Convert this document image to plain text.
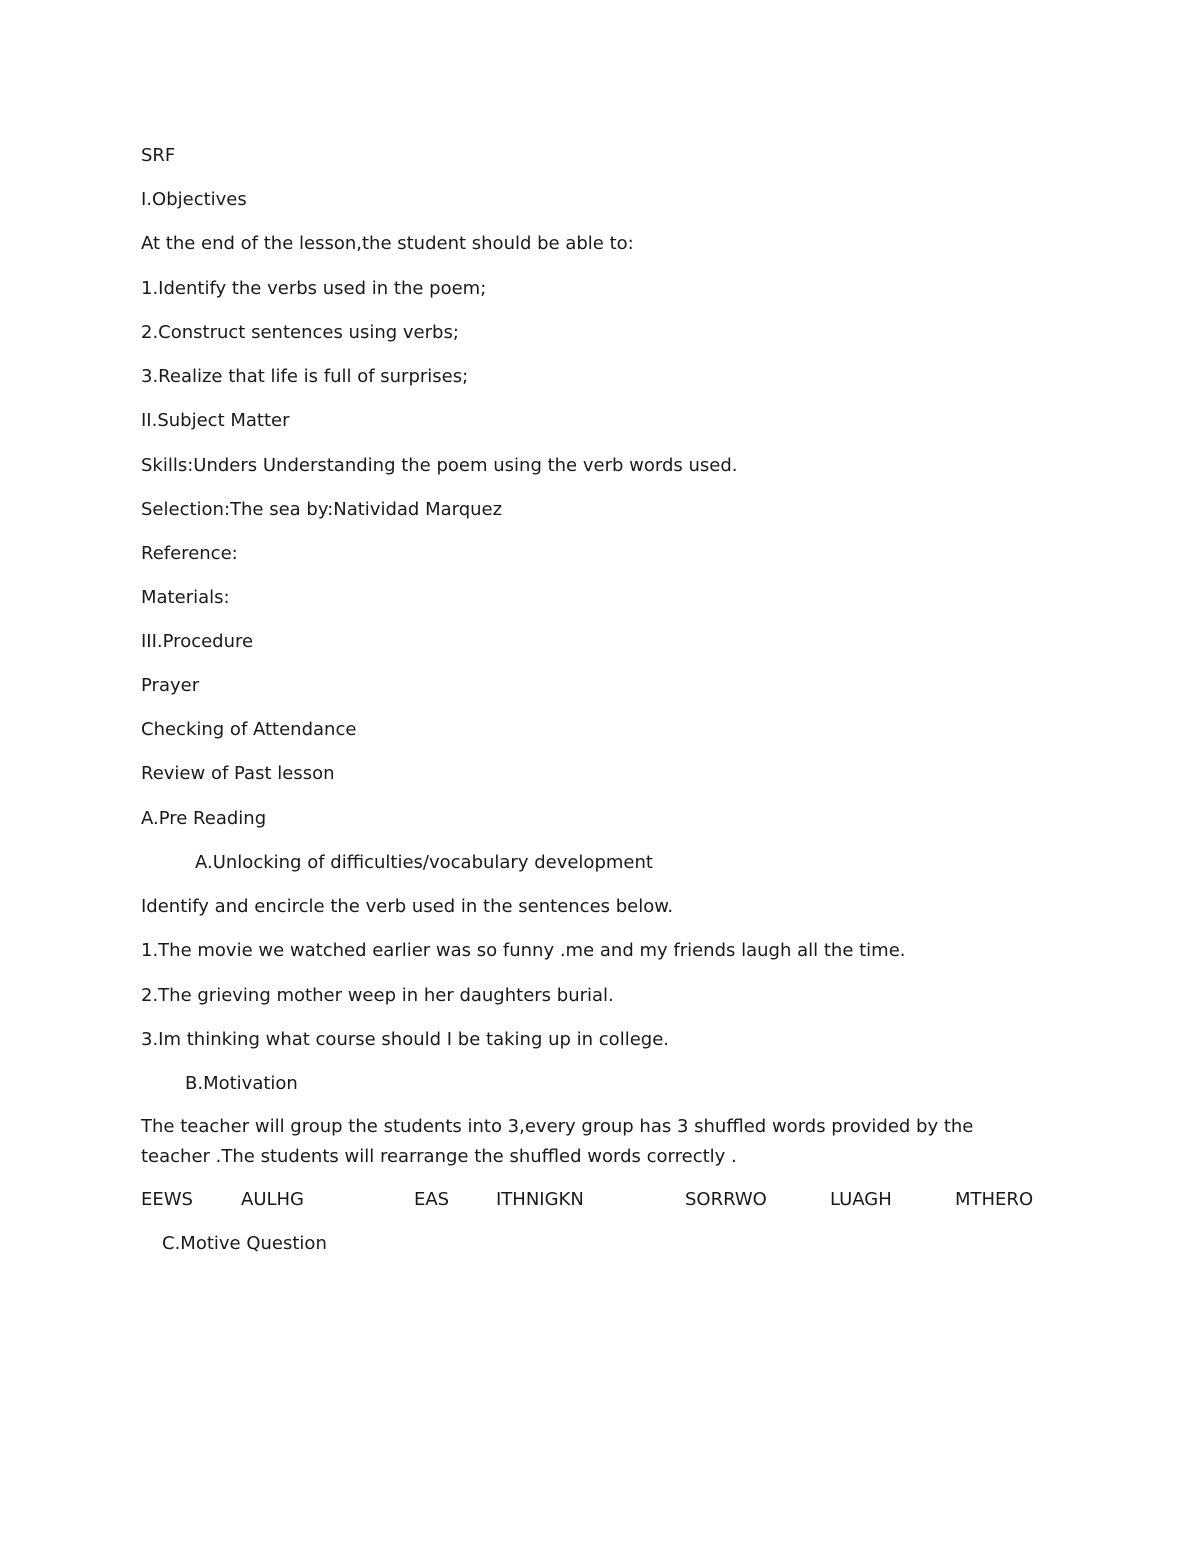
SRF
I.Objectives
At the end of the lesson,the student should be able to:
1.Identify the verbs used in the poem;
2.Construct sentences using verbs;
3.Realize that life is full of surprises;
II.Subject Matter
Skills:Unders Understanding the poem using the verb words used.
Selection:The sea by:Natividad Marquez
Reference:
Materials:
III.Procedure
Prayer
Checking of Attendance
Review of Past lesson
A.Pre Reading
A.Unlocking of difficulties/vocabulary development
Identify and encircle the verb used in the sentences below.
1.The movie we watched earlier was so funny .me and my friends laugh all the time.
2.The grieving mother weep in her daughters burial.
3.Im thinking what course should I be taking up in college.
B.Motivation
The teacher will group the students into 3,every group has 3 shuffled words provided by the
teacher .The students will rearrange the shuffled words correctly .
EEWS	AULHG	EAS	ITHNIGKN	SORRWO	LUAGH	MTHERO
C.Motive Question
